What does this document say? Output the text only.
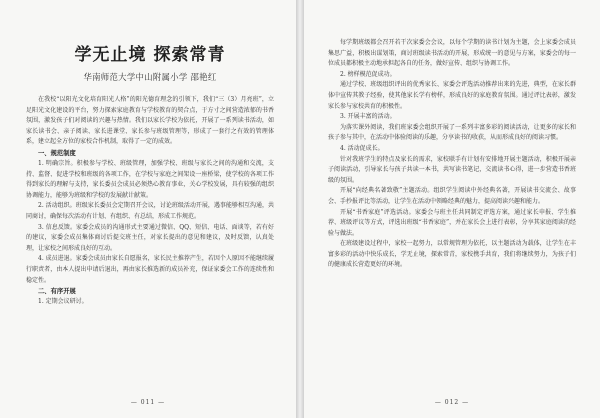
学无止境 探索常青
华南师范大学中山附属小学 邵艳红

在我校“以阳光文化培育阳光人格”的阳光德育理念的引领下，我们“三（3）月亮班”，立足阳光文化建设的平台，努力探索家庭教育与学校教育的契合点，于方寸之间营造浓郁的书香氛围，激发孩子们对阅读的兴趣与热情。我们以家长学校为依托，开展了一系列读书活动，如家长读书会、亲子阅读、家长进课堂、家长参与班级管理等，形成了一套行之有效的管理体系，建立起全方位的家校合作机制，取得了一定的成效。

一、规范制度

1. 明确宗旨。积极参与学校、班级管理，加强学校、班级与家长之间的沟通和交流，支持、监督、促进学校和班级的各项工作，在学校与家庭之间架设一座桥梁，使学校的各项工作得到家长的理解与支持，家长委员会成员必须热心教育事业，关心学校发展，具有较强的组织协调能力，能够为班级和学校的发展献计献策。

2. 活动组织。班级家长委员会定期召开会议，讨论班级活动开展，遇事能够相互沟通，共同商讨，确保每次活动有计划、有组织、有总结，形成工作规范。

3. 信息反馈。家委会成员的沟通形式主要通过微信、QQ、短信、电话、面谈等，若有好的建议，家委会成员集体商讨后提交班主任，对家长提出的意见和建议，及时反馈，认真处理，让家校之间形成良好的互动。

4. 成员进退。家委会成员由家长自愿报名，家长民主推荐产生，若因个人原因不能继续履行职责者，由本人提出申请后退出，再由家长推选新的成员补充，保证家委会工作的连续性和稳定性。

二、有序开展

1. 定期会议研讨。

— 011 —

每学期班级都会召开若干次家委会会议，以每个学期的读书计划为主题，会上家委会成员集思广益，积极出谋划策，商讨班级读书活动的开展，形成统一的意见与方案，家委会的每一位成员都积极主动地承担起各自的任务，做好宣传、组织与协调工作。

2. 榜样模范促成功。

通过学校、班级组织评出的优秀家长、家委会评选活动推荐出来的先进，典型，在家长群体中宣传其教子经验，使其他家长学有榜样，形成良好的家庭教育氛围。通过评比表彰，激发家长参与家校共育的积极性。

3. 开展丰富的活动。

为落实课外阅读，我们班家委会组织开展了一系列丰富多彩的阅读活动，让更多的家长和孩子参与其中，在活动中体验阅读的乐趣，分享读书的收获，从而形成良好的阅读习惯。

4. 活动促成长。

针对我班学生的特点及家长的需求，家校联手有计划有安排地开展主题活动，积极开展亲子阅读活动，引导家长与孩子共读一本书，共写读书笔记，交流读书心得，进一步营造书香班级的氛围。

开展“向经典名著致敬”主题活动。组织学生阅读中外经典名著，开展读书交流会、故事会、手抄报评比等活动，让学生在活动中领略经典的魅力，提高阅读兴趣和能力。

开展“书香家庭”评选活动。家委会与班主任共同制定评选方案，通过家长申报、学生推荐、班级评议等方式，评选出班级“书香家庭”，并在家长会上进行表彰，分享其家庭阅读的经验与做法。

在班级建设过程中，家校一起努力，以常规管理为依托，以主题活动为载体，让学生在丰富多彩的活动中快乐成长，学无止境，探索常青，家校携手共育，我们将继续努力，为孩子们的健康成长营造更好的环境。

— 012 —
